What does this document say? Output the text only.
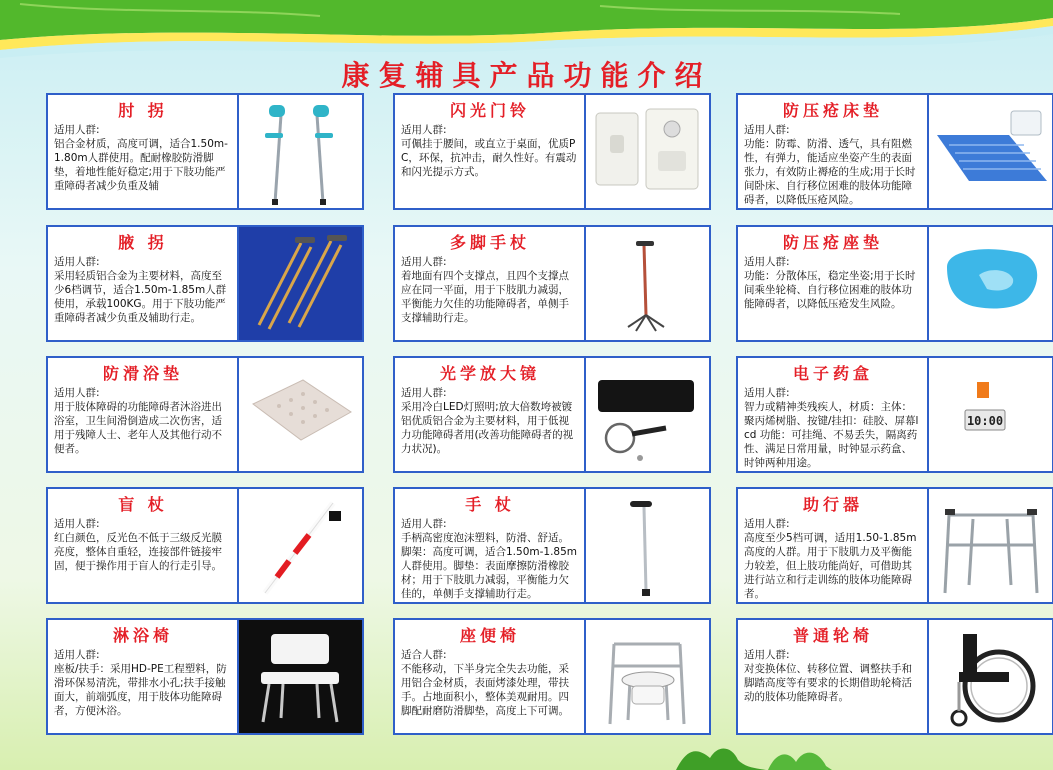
康复辅具产品功能介绍
肘 拐
适用人群:
铝合金材质，高度可调，适合1.50m-1.80m人群使用。配耐橡胶防滑脚垫，着地性能好稳定;用于下肢功能严重障碍者减少负重及辅
闪光门铃
适用人群:
可佩挂于腰间，或直立于桌面，优质PC，环保，抗冲击，耐久性好。有震动和闪光提示方式。
防压疮床垫
适用人群:
功能：防霉、防滑、透气，具有阻燃性，有弹力，能适应坐姿产生的表面张力，有效防止褥疮的生成;用于长时间卧床、自行移位困难的肢体功能障碍者，以降低压疮风险。
腋 拐
适用人群:
采用轻质铝合金为主要材料，高度至少6档调节，适合1.50m-1.85m人群使用，承载100KG。用于下肢功能严重障碍者减少负重及辅助行走。
多脚手杖
适用人群:
着地面有四个支撑点，且四个支撑点应在同一平面，用于下肢肌力减弱，平衡能力欠佳的功能障碍者，单侧手支撑辅助行走。
防压疮座垫
适用人群:
功能：分散体压，稳定坐姿;用于长时间乘坐轮椅、自行移位困难的肢体功能障碍者，以降低压疮发生风险。
防滑浴垫
适用人群:
用于肢体障碍的功能障碍者沐浴进出浴室，卫生间滑倒造成二次伤害，适用于残障人士、老年人及其他行动不便者。
光学放大镜
适用人群:
采用冷白LED灯照明;放大倍数垮被镀铝优质铝合金为主要材料，用于低视力功能障碍者用(改善功能障碍者的视力状况)。
电子药盒
适用人群:
智力或精神类残疾人，材质：主体：聚丙烯树脂、按键/挂扣：硅胶、屏幕lcd 功能：可挂绳、不易丢失，隔离药性、满足日常用量，时钟显示药盒、时钟两种用途。
10:00
盲 杖
适用人群:
红白颜色，反光色不低于三级反光膜亮度，整体自重轻，连接部件链接牢固，便于操作用于盲人的行走引导。
手 杖
适用人群:
手柄高密度泡沫塑料，防滑、舒适。脚架：高度可调，适合1.50m-1.85m人群使用。脚垫：表面摩擦防滑橡胶材；用于下肢肌力减弱，平衡能力欠佳的，单侧手支撑辅助行走。
助行器
适用人群:
高度至少5档可调，适用1.50-1.85m高度的人群。用于下肢肌力及平衡能力较差，但上肢功能尚好，可借助其进行站立和行走训练的肢体功能障碍者。
淋浴椅
适用人群:
座板/扶手：采用HD-PE工程塑料，防滑环保易清洗，带排水小孔;扶手接触面大，前端弧度，用于肢体功能障碍者，方便沐浴。
座便椅
适合人群:
不能移动，下半身完全失去功能，采用铝合金材质，表面烤漆处理，带扶手。占地面积小，整体美观耐用。四脚配耐磨防滑脚垫，高度上下可调。
普通轮椅
适用人群:
对变换体位、转移位置、调整扶手和脚踏高度等有要求的长期借助轮椅活动的肢体功能障碍者。
